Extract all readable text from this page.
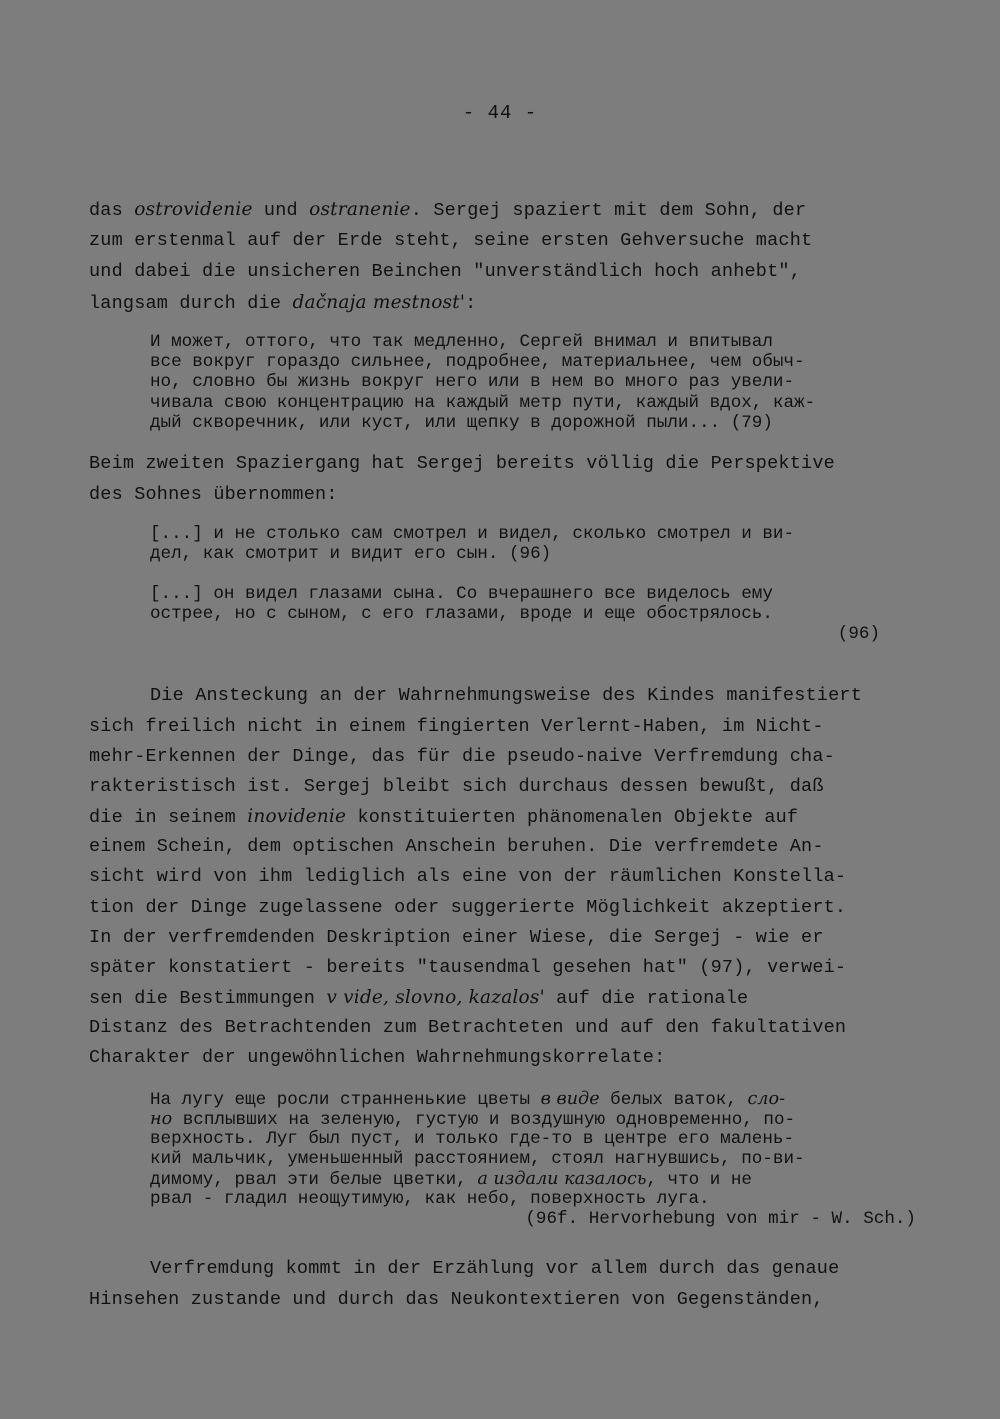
- 44 -
das ostrovidenie und ostranenie. Sergej spaziert mit dem Sohn, der
zum erstenmal auf der Erde steht, seine ersten Gehversuche macht
und dabei die unsicheren Beinchen "unverständlich hoch anhebt",
langsam durch die dačnaja mestnost':
И может, оттого, что так медленно, Сергей внимал и впитывал
все вокруг гораздо сильнее, подробнее, материальнее, чем обыч-
но, словно бы жизнь вокруг него или в нем во много раз увели-
чивала свою концентрацию на каждый метр пути, каждый вдох, каж-
дый скворечник, или куст, или щепку в дорожной пыли... (79)
Beim zweiten Spaziergang hat Sergej bereits völlig die Perspektive
des Sohnes übernommen:
[...] и не столько сам смотрел и видел, сколько смотрел и ви-
дел, как смотрит и видит его сын. (96)
[...] он видел глазами сына. Со вчерашнего все виделось ему
острее, но с сыном, с его глазами, вроде и еще обострялось.
(96)
Die Ansteckung an der Wahrnehmungsweise des Kindes manifestiert
sich freilich nicht in einem fingierten Verlernt-Haben, im Nicht-
mehr-Erkennen der Dinge, das für die pseudo-naive Verfremdung cha-
rakteristisch ist. Sergej bleibt sich durchaus dessen bewußt, daß
die in seinem inovidenie konstituierten phänomenalen Objekte auf
einem Schein, dem optischen Anschein beruhen. Die verfremdete An-
sicht wird von ihm lediglich als eine von der räumlichen Konstella-
tion der Dinge zugelassene oder suggerierte Möglichkeit akzeptiert.
In der verfremdenden Deskription einer Wiese, die Sergej - wie er
später konstatiert - bereits "tausendmal gesehen hat" (97), verwei-
sen die Bestimmungen v vide, slovno, kazalos' auf die rationale
Distanz des Betrachtenden zum Betrachteten und auf den fakultativen
Charakter der ungewöhnlichen Wahrnehmungskorrelate:
На лугу еще росли странненькие цветы в виде белых ваток, сло-
но всплывших на зеленую, густую и воздушную одновременно, по-
верхность. Луг был пуст, и только где-то в центре его малень-
кий мальчик, уменьшенный расстоянием, стоял нагнувшись, по-ви-
димому, рвал эти белые цветки, а издали казалось, что и не
рвал - гладил неощутимую, как небо, поверхность луга.
(96f. Hervorhebung von mir - W. Sch.)
Verfremdung kommt in der Erzählung vor allem durch das genaue
Hinsehen zustande und durch das Neukontextieren von Gegenständen,
